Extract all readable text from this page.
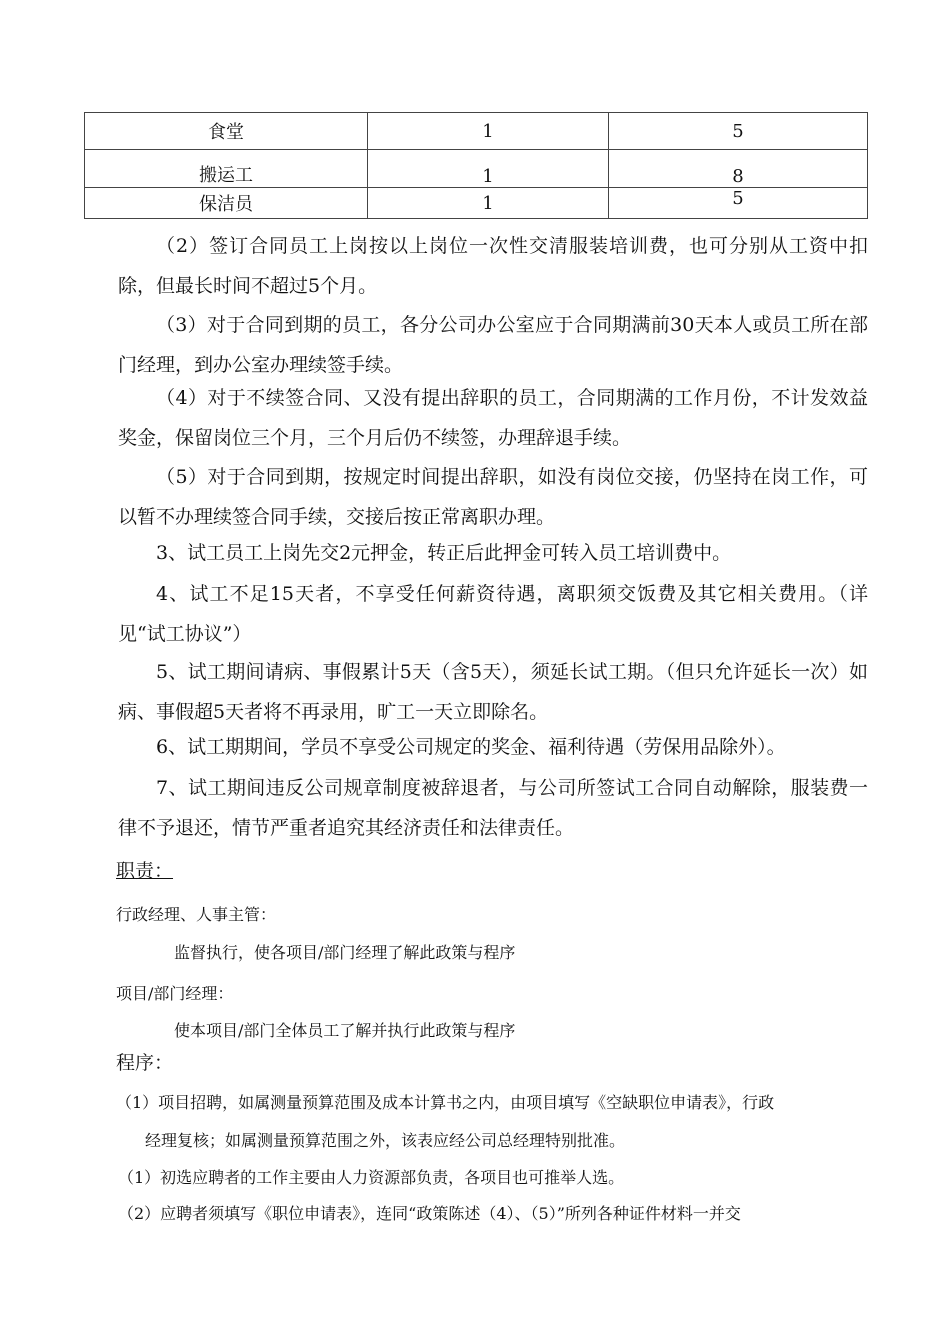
食堂	1	5
搬运工	1	8
保洁员	1	5
（2）签订合同员工上岗按以上岗位一次性交清服装培训费，也可分别从工资中扣除，但最长时间不超过5个月。
（3）对于合同到期的员工，各分公司办公室应于合同期满前30天本人或员工所在部门经理，到办公室办理续签手续。
（4）对于不续签合同、又没有提出辞职的员工，合同期满的工作月份，不计发效益奖金，保留岗位三个月，三个月后仍不续签，办理辞退手续。
（5）对于合同到期，按规定时间提出辞职，如没有岗位交接，仍坚持在岗工作，可以暂不办理续签合同手续，交接后按正常离职办理。
3、试工员工上岗先交2元押金，转正后此押金可转入员工培训费中。
4、试工不足15天者，不享受任何薪资待遇，离职须交饭费及其它相关费用。（详见“试工协议”）
5、试工期间请病、事假累计5天（含5天），须延长试工期。（但只允许延长一次）如病、事假超5天者将不再录用，旷工一天立即除名。
6、试工期期间，学员不享受公司规定的奖金、福利待遇（劳保用品除外）。
7、试工期间违反公司规章制度被辞退者，与公司所签试工合同自动解除，服装费一律不予退还，情节严重者追究其经济责任和法律责任。
职责：
行政经理、人事主管：
监督执行，使各项目/部门经理了解此政策与程序
项目/部门经理：
使本项目/部门全体员工了解并执行此政策与程序
程序：
（1）项目招聘，如属测量预算范围及成本计算书之内，由项目填写《空缺职位申请表》，行政
经理复核；如属测量预算范围之外，该表应经公司总经理特别批准。
（1）初选应聘者的工作主要由人力资源部负责，各项目也可推举人选。
（2）应聘者须填写《职位申请表》，连同“政策陈述（4）、（5）”所列各种证件材料一并交
